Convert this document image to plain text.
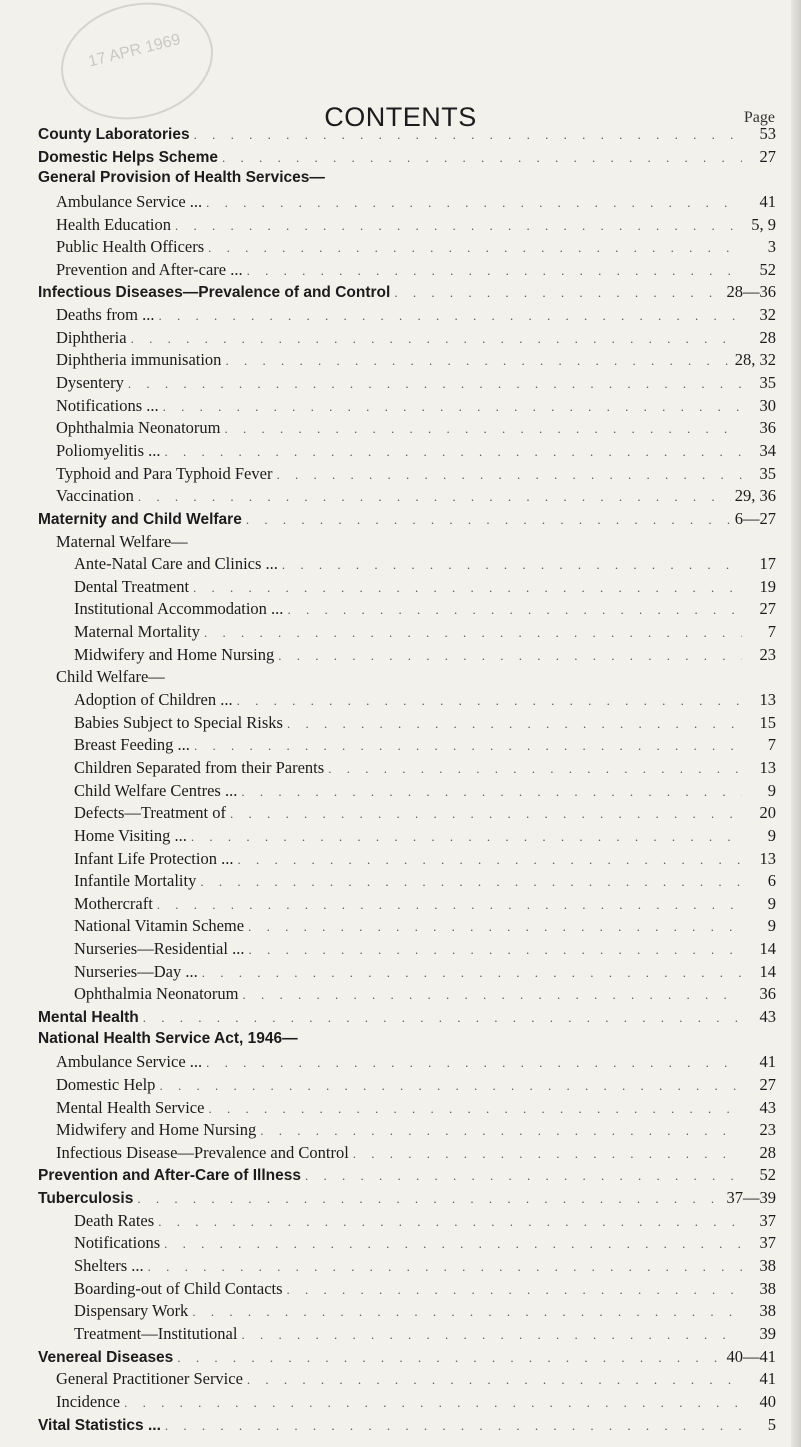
17 APR 1969
CONTENTS	Page
County Laboratories . . .	53
Domestic Helps Scheme . . .	27
General Provision of Health Services—
Ambulance Service ... . . .	41
Health Education . . .	5, 9
Public Health Officers . . .	3
Prevention and After-care ... . . .	52
Infectious Diseases—Prevalence of and Control . . .	28—36
Deaths from ... . . .	32
Diphtheria . . .	28
Diphtheria immunisation . . .	28, 32
Dysentery . . .	35
Notifications ... . . .	30
Ophthalmia Neonatorum . . .	36
Poliomyelitis ... . . .	34
Typhoid and Para Typhoid Fever . . .	35
Vaccination . . .	29, 36
Maternity and Child Welfare . . .	6—27
Maternal Welfare—
Ante-Natal Care and Clinics ... . . .	17
Dental Treatment . . .	19
Institutional Accommodation ... . . .	27
Maternal Mortality . . .	7
Midwifery and Home Nursing . . .	23
Child Welfare—
Adoption of Children ... . . .	13
Babies Subject to Special Risks . . .	15
Breast Feeding ... . . .	7
Children Separated from their Parents . . .	13
Child Welfare Centres ... . . .	9
Defects—Treatment of . . .	20
Home Visiting ... . . .	9
Infant Life Protection ... . . .	13
Infantile Mortality . . .	6
Mothercraft . . .	9
National Vitamin Scheme . . .	9
Nurseries—Residential ... . . .	14
Nurseries—Day ... . . .	14
Ophthalmia Neonatorum . . .	36
Mental Health . . .	43
National Health Service Act, 1946—
Ambulance Service ... . . .	41
Domestic Help . . .	27
Mental Health Service . . .	43
Midwifery and Home Nursing . . .	23
Infectious Disease—Prevalence and Control . . .	28
Prevention and After-Care of Illness . . .	52
Tuberculosis . . .	37—39
Death Rates . . .	37
Notifications . . .	37
Shelters ... . . .	38
Boarding-out of Child Contacts . . .	38
Dispensary Work . . .	38
Treatment—Institutional . . .	39
Venereal Diseases . . .	40—41
General Practitioner Service . . .	41
Incidence . . .	40
Vital Statistics ... . . .	5
